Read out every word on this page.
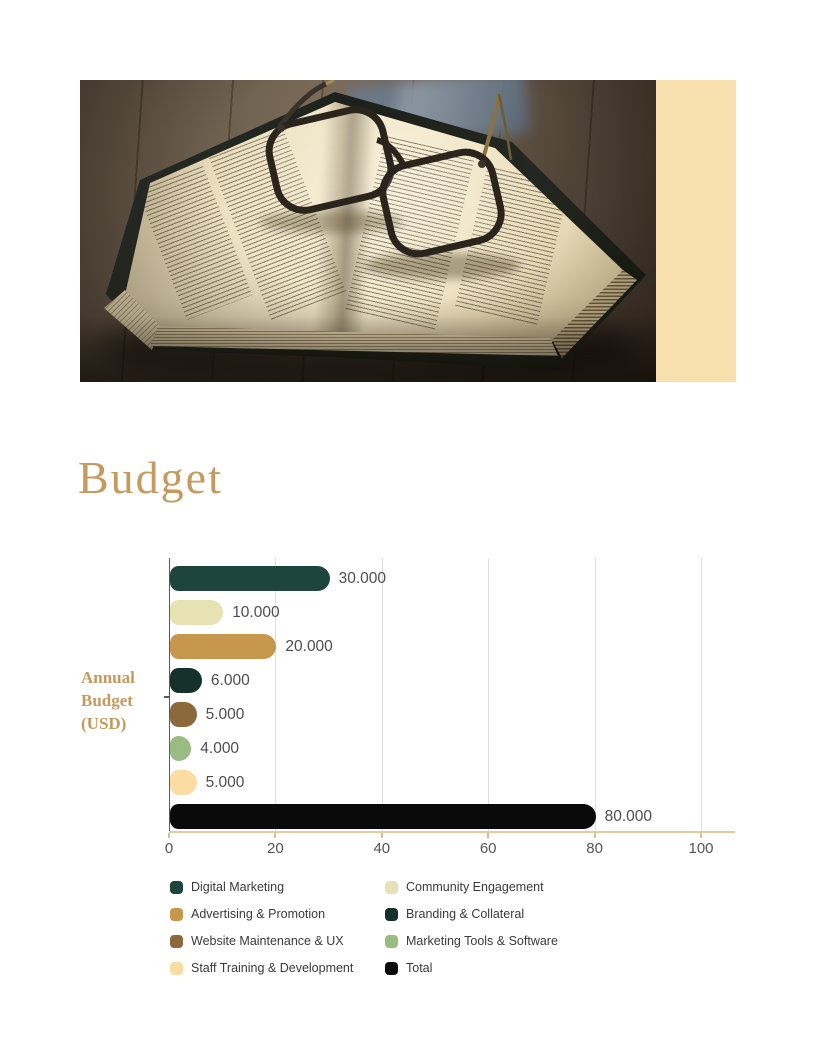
Budget
Annual
Budget
(USD)
30.000
10.000
20.000
6.000
5.000
4.000
5.000
80.000
0	20	40	60	80	100
Digital Marketing	Community Engagement
Advertising & Promotion	Branding & Collateral
Website Maintenance & UX	Marketing Tools & Software
Staff Training & Development	Total
